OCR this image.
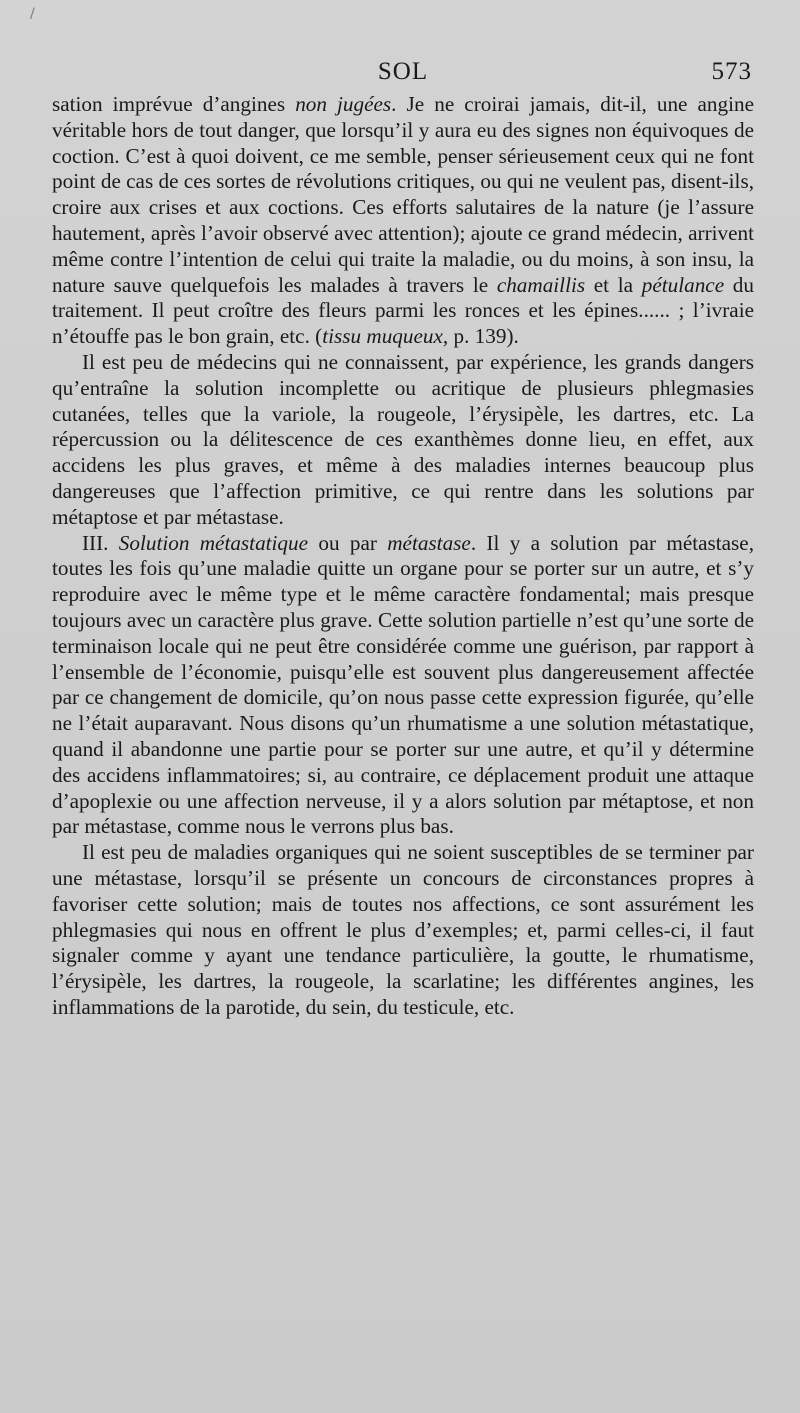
/
SOL	573

sation imprévue d’angines non jugées. Je ne croirai jamais, dit-il, une angine véritable hors de tout danger, que lorsqu’il y aura eu des signes non équivoques de coction. C’est à quoi doivent, ce me semble, penser sérieusement ceux qui ne font point de cas de ces sortes de révolutions critiques, ou qui ne veulent pas, disent-ils, croire aux crises et aux coctions. Ces efforts salutaires de la nature (je l’assure hautement, après l’avoir observé avec attention); ajoute ce grand médecin, arrivent même contre l’intention de celui qui traite la maladie, ou du moins, à son insu, la nature sauve quelquefois les malades à travers le chamaillis et la pétulance du traitement. Il peut croître des fleurs parmi les ronces et les épines...... ; l’ivraie n’étouffe pas le bon grain, etc. (tissu muqueux, p. 139).

Il est peu de médecins qui ne connaissent, par expérience, les grands dangers qu’entraîne la solution incomplette ou acritique de plusieurs phlegmasies cutanées, telles que la variole, la rougeole, l’érysipèle, les dartres, etc. La répercussion ou la délitescence de ces exanthèmes donne lieu, en effet, aux accidens les plus graves, et même à des maladies internes beaucoup plus dangereuses que l’affection primitive, ce qui rentre dans les solutions par métaptose et par métastase.

III. Solution métastatique ou par métastase. Il y a solution par métastase, toutes les fois qu’une maladie quitte un organe pour se porter sur un autre, et s’y reproduire avec le même type et le même caractère fondamental; mais presque toujours avec un caractère plus grave. Cette solution partielle n’est qu’une sorte de terminaison locale qui ne peut être considérée comme une guérison, par rapport à l’ensemble de l’économie, puisqu’elle est souvent plus dangereusement affectée par ce changement de domicile, qu’on nous passe cette expression figurée, qu’elle ne l’était auparavant. Nous disons qu’un rhumatisme a une solution métastatique, quand il abandonne une partie pour se porter sur une autre, et qu’il y détermine des accidens inflammatoires; si, au contraire, ce déplacement produit une attaque d’apoplexie ou une affection nerveuse, il y a alors solution par métaptose, et non par métastase, comme nous le verrons plus bas.

Il est peu de maladies organiques qui ne soient susceptibles de se terminer par une métastase, lorsqu’il se présente un concours de circonstances propres à favoriser cette solution; mais de toutes nos affections, ce sont assurément les phlegmasies qui nous en offrent le plus d’exemples; et, parmi celles-ci, il faut signaler comme y ayant une tendance particulière, la goutte, le rhumatisme, l’érysipèle, les dartres, la rougeole, la scarlatine; les différentes angines, les inflammations de la parotide, du sein, du testicule, etc.
